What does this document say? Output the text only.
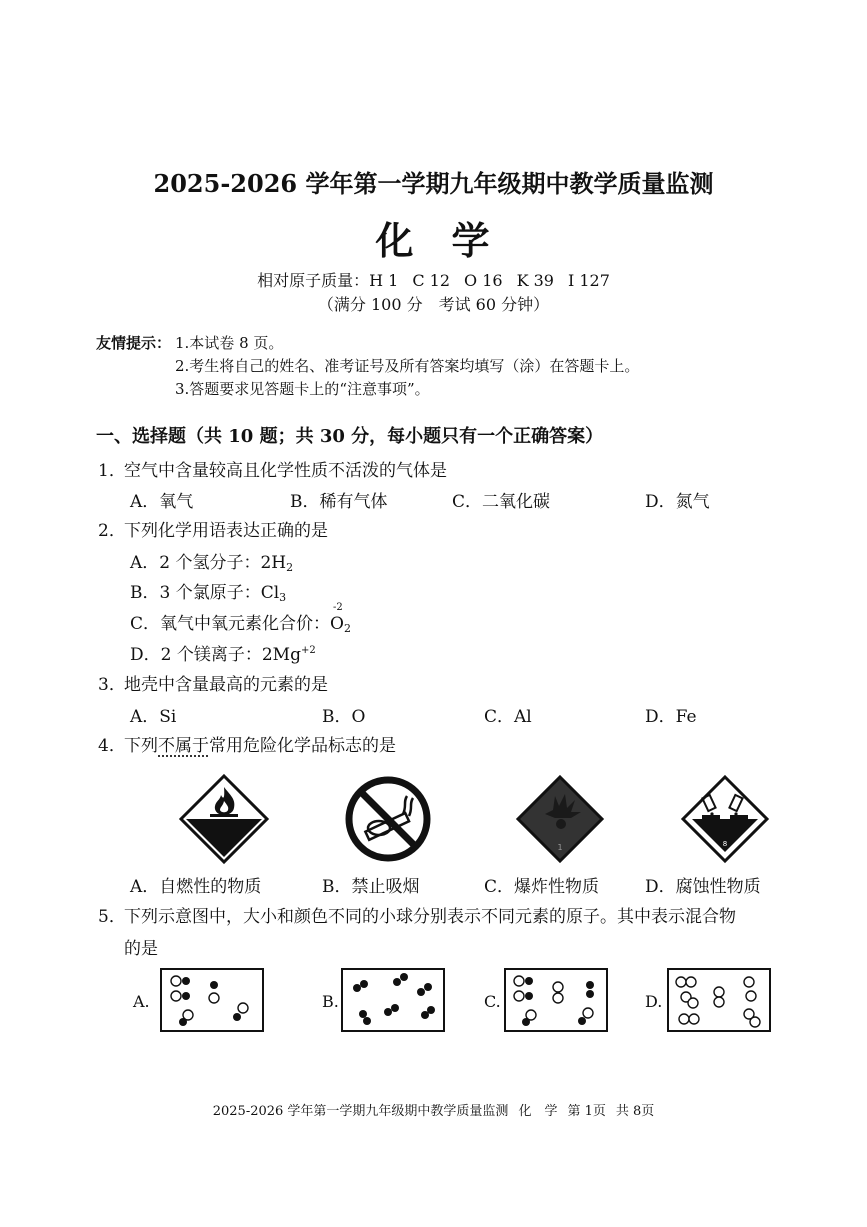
2025-2026 学年第一学期九年级期中教学质量监测
化 学
相对原子质量：H 1 C 12 O 16 K 39 I 127
（满分 100 分　考试 60 分钟）
友情提示： 1.本试卷 8 页。
2.考生将自己的姓名、准考证号及所有答案均填写（涂）在答题卡上。
3.答题要求见答题卡上的“注意事项”。
一、选择题（共 10 题；共 30 分，每小题只有一个正确答案）
1．空气中含量较高且化学性质不活泼的气体是
A．氧气	B．稀有气体	C．二氧化碳	D．氮气
2．下列化学用语表达正确的是
A．2 个氢分子：$2H_2$
B．3 个氯原子：$Cl_3$
C．氧气中氧元素化合价：
-2
$O_2$
D．2 个镁离子：$2Mg^{+2}$
3．地壳中含量最高的元素的是
A．Si	B．O	C．Al	D．Fe
4．下列不属于常用危险化学品标志的是
1	8
A．自燃性的物质	B．禁止吸烟	C．爆炸性物质	D．腐蚀性物质
5．下列示意图中，大小和颜色不同的小球分别表示不同元素的原子。其中表示混合物
的是
A.	B.	C.	D.
2025-2026 学年第一学期九年级期中教学质量监测 化　学 第 1页 共 8页
